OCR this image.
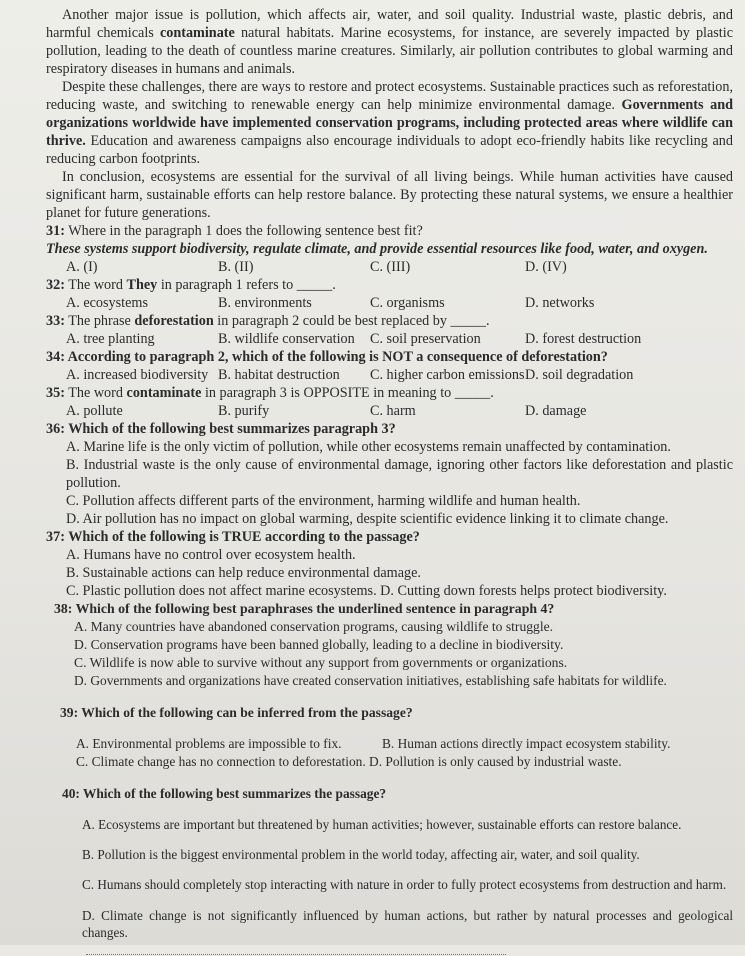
Another major issue is pollution, which affects air, water, and soil quality. Industrial waste, plastic debris, and harmful chemicals contaminate natural habitats. Marine ecosystems, for instance, are severely impacted by plastic pollution, leading to the death of countless marine creatures. Similarly, air pollution contributes to global warming and respiratory diseases in humans and animals.

Despite these challenges, there are ways to restore and protect ecosystems. Sustainable practices such as reforestation, reducing waste, and switching to renewable energy can help minimize environmental damage. Governments and organizations worldwide have implemented conservation programs, including protected areas where wildlife can thrive. Education and awareness campaigns also encourage individuals to adopt eco-friendly habits like recycling and reducing carbon footprints.

In conclusion, ecosystems are essential for the survival of all living beings. While human activities have caused significant harm, sustainable efforts can help restore balance. By protecting these natural systems, we ensure a healthier planet for future generations.

31: Where in the paragraph 1 does the following sentence best fit?

These systems support biodiversity, regulate climate, and provide essential resources like food, water, and oxygen.

A. (I)	B. (II)	C. (III)	D. (IV)

32: The word They in paragraph 1 refers to _____.

A. ecosystems	B. environments	C. organisms	D. networks

33: The phrase deforestation in paragraph 2 could be best replaced by _____.

A. tree planting	B. wildlife conservation	C. soil preservation	D. forest destruction

34: According to paragraph 2, which of the following is NOT a consequence of deforestation?

A. increased biodiversity B. habitat destruction	C. higher carbon emissions D. soil degradation

35: The word contaminate in paragraph 3 is OPPOSITE in meaning to _____.

A. pollute	B. purify	C. harm	D. damage

36: Which of the following best summarizes paragraph 3?

A. Marine life is the only victim of pollution, while other ecosystems remain unaffected by contamination.

B. Industrial waste is the only cause of environmental damage, ignoring other factors like deforestation and plastic pollution.

C. Pollution affects different parts of the environment, harming wildlife and human health.

D. Air pollution has no impact on global warming, despite scientific evidence linking it to climate change.

37: Which of the following is TRUE according to the passage?

A. Humans have no control over ecosystem health.

B. Sustainable actions can help reduce environmental damage.

C. Plastic pollution does not affect marine ecosystems. D. Cutting down forests helps protect biodiversity.

38: Which of the following best paraphrases the underlined sentence in paragraph 4?

A. Many countries have abandoned conservation programs, causing wildlife to struggle.

D. Conservation programs have been banned globally, leading to a decline in biodiversity.

C. Wildlife is now able to survive without any support from governments or organizations.

D. Governments and organizations have created conservation initiatives, establishing safe habitats for wildlife.

39: Which of the following can be inferred from the passage?

A. Environmental problems are impossible to fix.	B. Human actions directly impact ecosystem stability.

C. Climate change has no connection to deforestation. D. Pollution is only caused by industrial waste.

40: Which of the following best summarizes the passage?

A. Ecosystems are important but threatened by human activities; however, sustainable efforts can restore balance.

B. Pollution is the biggest environmental problem in the world today, affecting air, water, and soil quality.

C. Humans should completely stop interacting with nature in order to fully protect ecosystems from destruction and harm.

D. Climate change is not significantly influenced by human actions, but rather by natural processes and geological changes.
